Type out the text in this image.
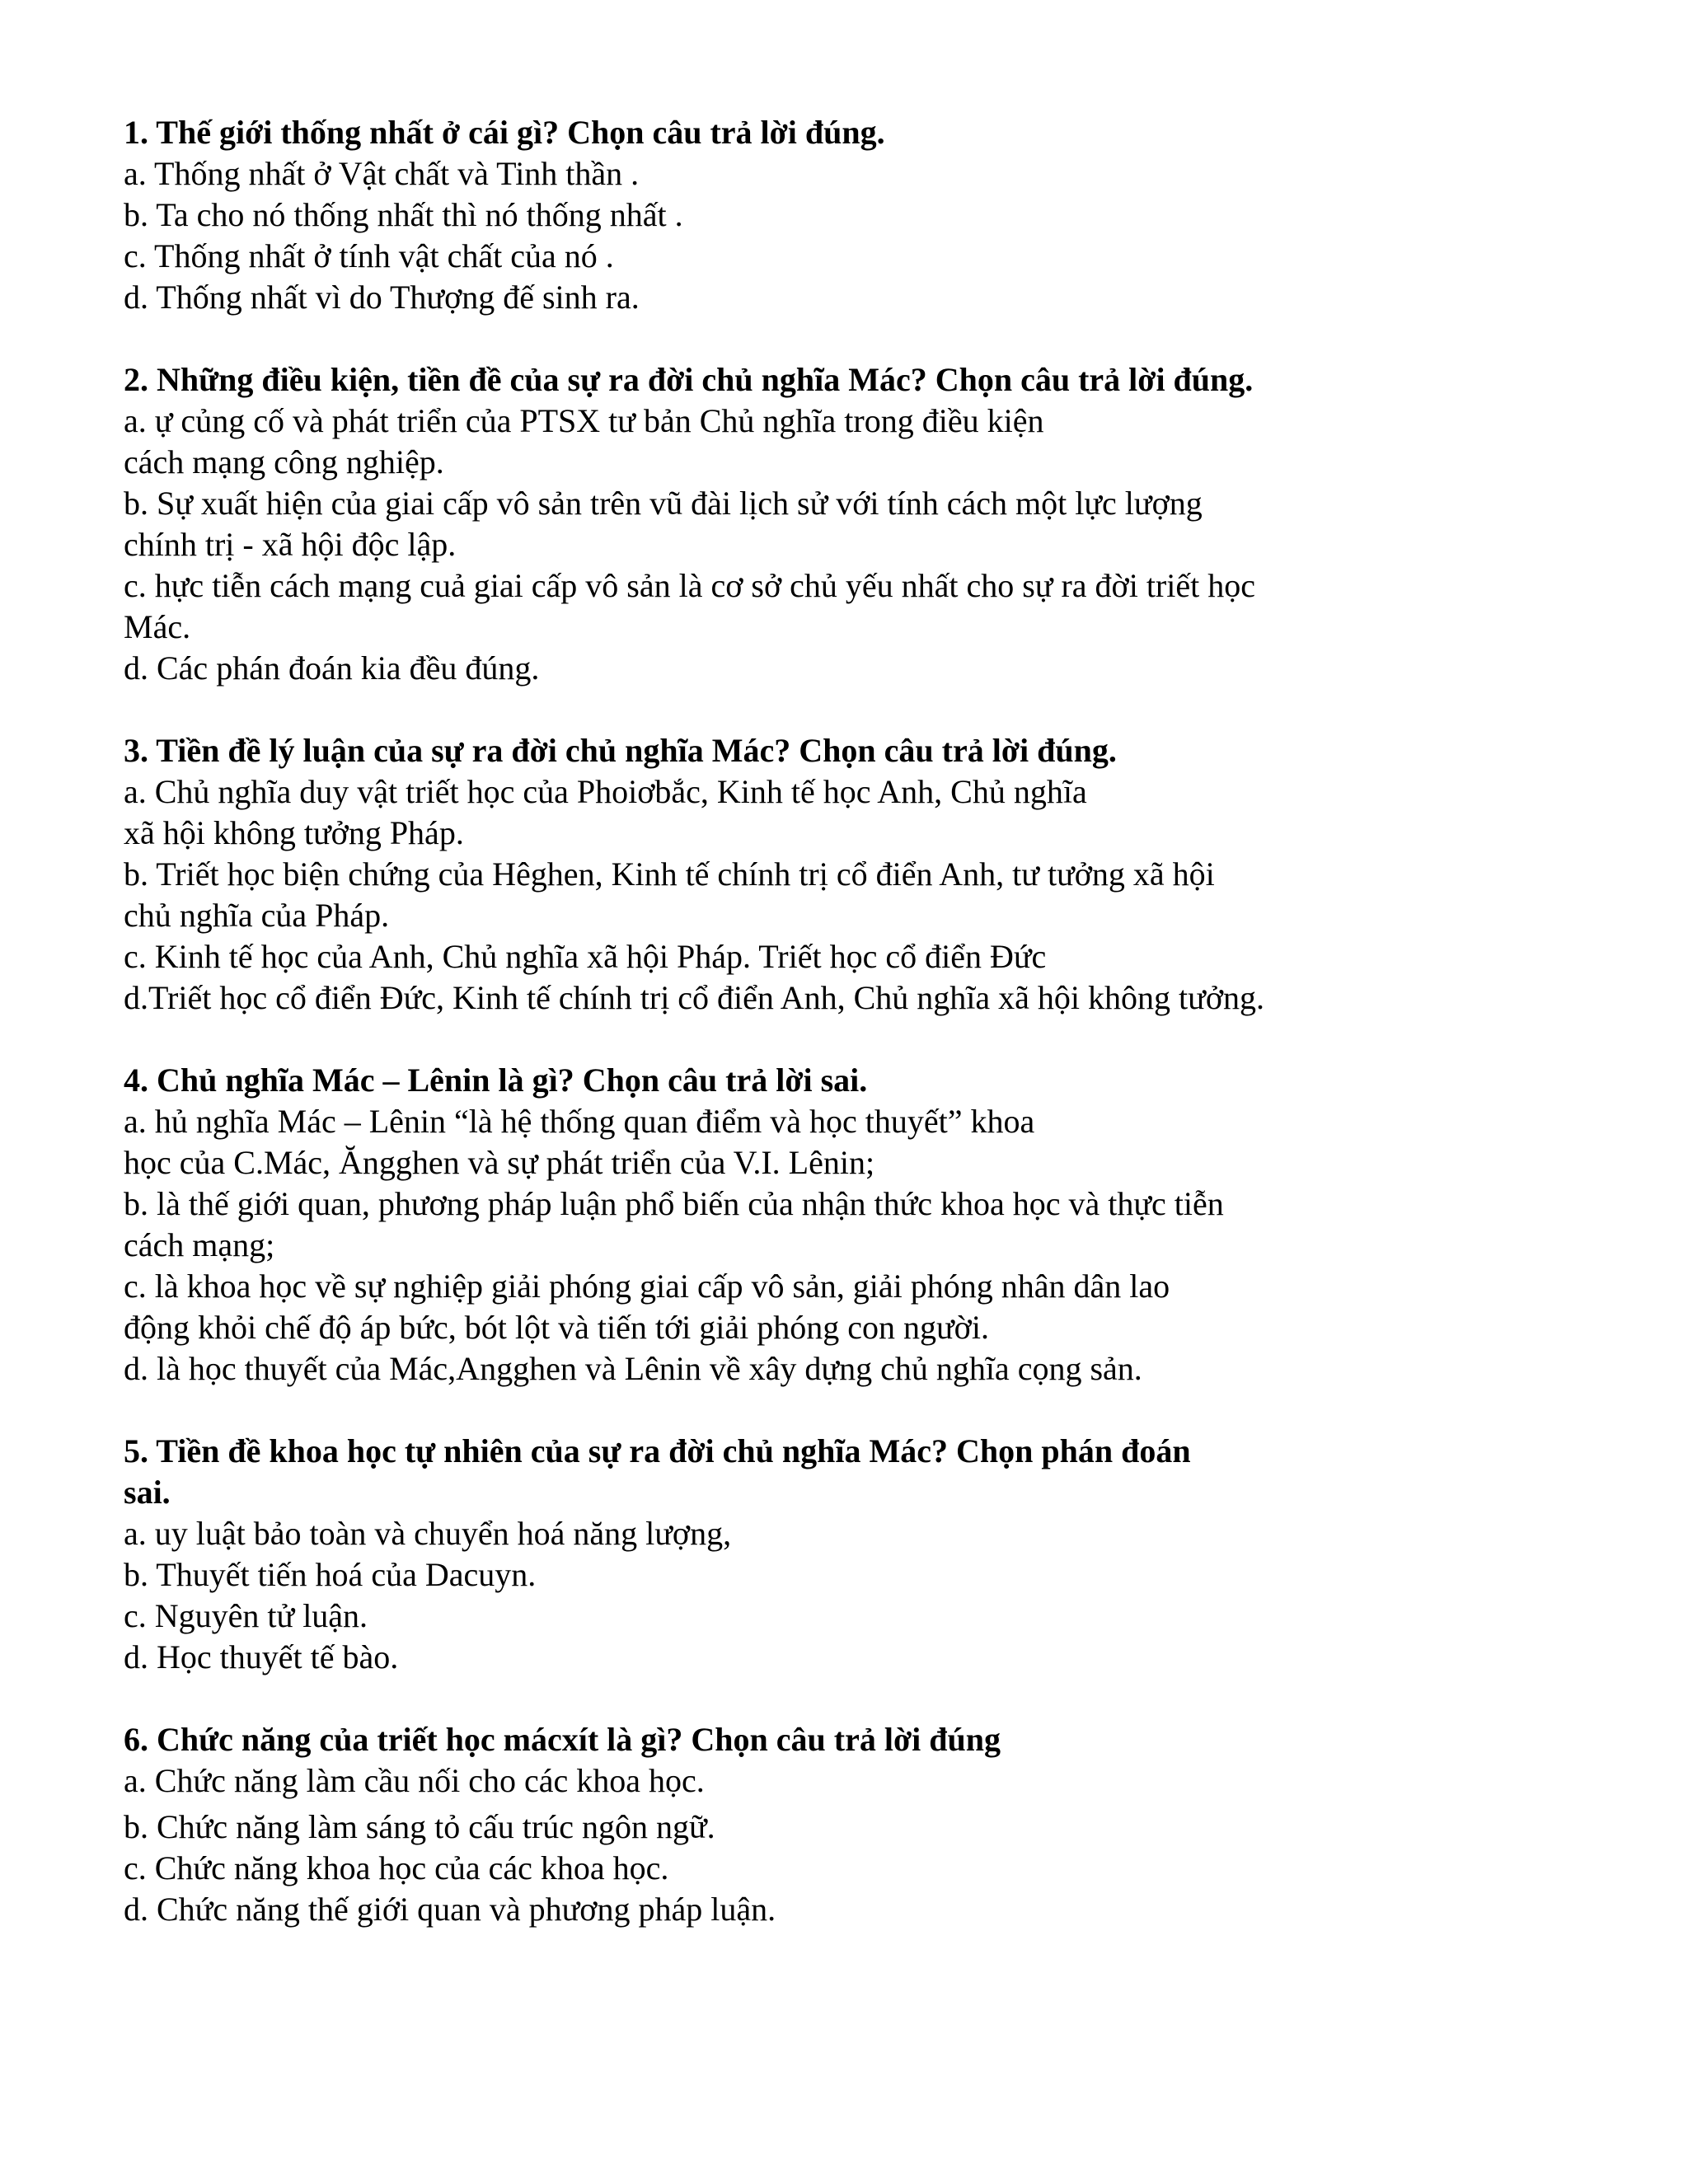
1. Thế giới thống nhất ở cái gì? Chọn câu trả lời đúng.

a. Thống nhất ở Vật chất và Tinh thần .

b. Ta cho nó thống nhất thì nó thống nhất .

c. Thống nhất ở tính vật chất của nó .

d. Thống nhất vì do Thượng đế sinh ra.

2. Những điều kiện, tiền đề của sự ra đời chủ nghĩa Mác? Chọn câu trả lời đúng.

a. ự củng cố và phát triển của PTSX tư bản Chủ nghĩa trong điều kiện
cách mạng công nghiệp.

b. Sự xuất hiện của giai cấp vô sản trên vũ đài lịch sử với tính cách một lực lượng
chính trị - xã hội độc lập.

c. hực tiễn cách mạng cuả giai cấp vô sản là cơ sở chủ yếu nhất cho sự ra đời triết học
Mác.

d. Các phán đoán kia đều đúng.

3. Tiền đề lý luận của sự ra đời chủ nghĩa Mác? Chọn câu trả lời đúng.

a. Chủ nghĩa duy vật triết học của Phoiơbắc, Kinh tế học Anh, Chủ nghĩa
xã hội không tưởng Pháp.

b. Triết học biện chứng của Hêghen, Kinh tế chính trị cổ điển Anh, tư tưởng xã hội
chủ nghĩa của Pháp.

c. Kinh tế học của Anh, Chủ nghĩa xã hội Pháp. Triết học cổ điển Đức

d.Triết học cổ điển Đức, Kinh tế chính trị cổ điển Anh, Chủ nghĩa xã hội không tưởng.

4. Chủ nghĩa Mác – Lênin là gì? Chọn câu trả lời sai.

a. hủ nghĩa Mác – Lênin “là hệ thống quan điểm và học thuyết” khoa
học của C.Mác, Ăngghen và sự phát triển của V.I. Lênin;

b. là thế giới quan, phương pháp luận phổ biến của nhận thức khoa học và thực tiễn
cách mạng;

c. là khoa học về sự nghiệp giải phóng giai cấp vô sản, giải phóng nhân dân lao
động khỏi chế độ áp bức, bót lột và tiến tới giải phóng con người.

d. là học thuyết của Mác,Angghen và Lênin về xây dựng chủ nghĩa cọng sản.

5. Tiền đề khoa học tự nhiên của sự ra đời chủ nghĩa Mác? Chọn phán đoán
sai.

a. uy luật bảo toàn và chuyển hoá năng lượng,

b. Thuyết tiến hoá của Dacuyn.

c. Nguyên tử luận.

d. Học thuyết tế bào.

6. Chức năng của triết học mácxít là gì? Chọn câu trả lời đúng

a. Chức năng làm cầu nối cho các khoa học.

b. Chức năng làm sáng tỏ cấu trúc ngôn ngữ.

c. Chức năng khoa học của các khoa học.

d. Chức năng thế giới quan và phương pháp luận.
